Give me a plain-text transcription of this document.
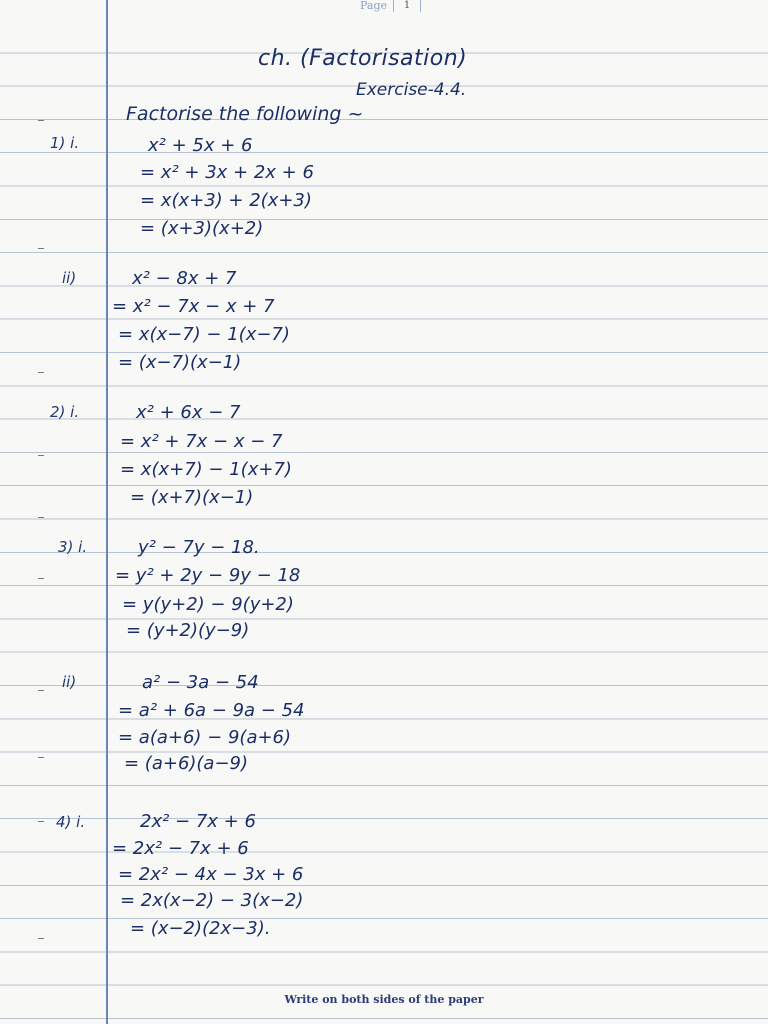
Page 1
ch. (Factorisation)
Exercise-4.4.
Factorise the following ~
1) i.	x² + 5x + 6
= x² + 3x + 2x + 6
= x(x+3) + 2(x+3)
= (x+3)(x+2)
ii)	x² − 8x + 7
= x² − 7x − x + 7
= x(x−7) − 1(x−7)
= (x−7)(x−1)
2) i.	x² + 6x − 7
= x² + 7x − x − 7
= x(x+7) − 1(x+7)
= (x+7)(x−1)
3) i.	y² − 7y − 18.
= y² + 2y − 9y − 18
= y(y+2) − 9(y+2)
= (y+2)(y−9)
ii)	a² − 3a − 54
= a² + 6a − 9a − 54
= a(a+6) − 9(a+6)
= (a+6)(a−9)
4) i.	2x² − 7x + 6
= 2x² − 7x + 6
= 2x² − 4x − 3x + 6
= 2x(x−2) − 3(x−2)
= (x−2)(2x−3).
Write on both sides of the paper
